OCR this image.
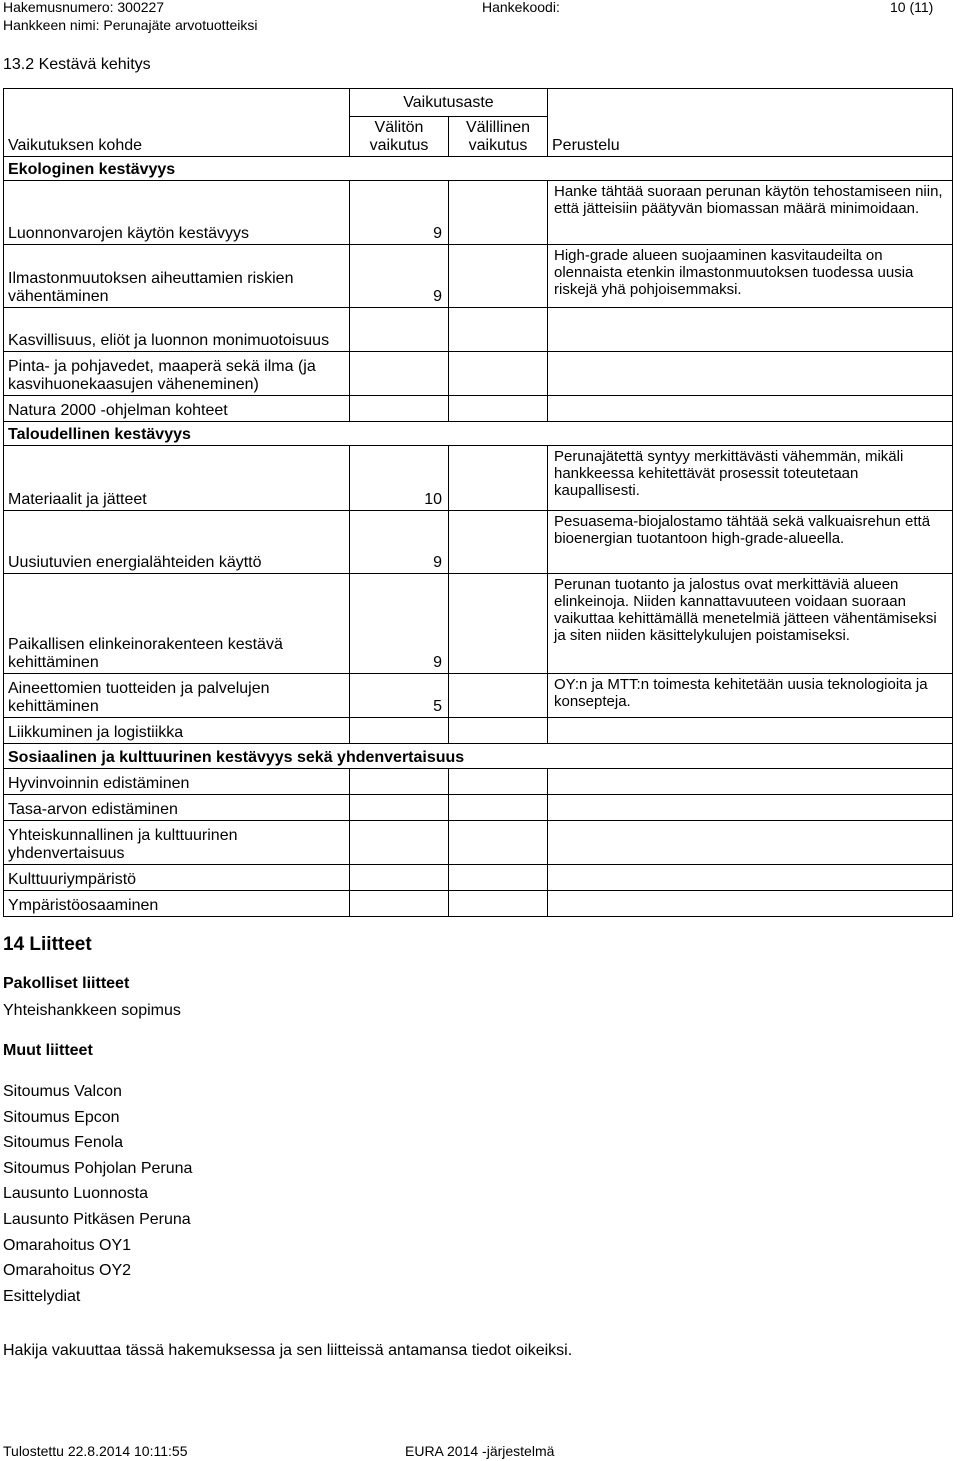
Hakemusnumero: 300227	Hankekoodi:	10 (11)
Hankkeen nimi: Perunajäte arvotuotteiksi
13.2 Kestävä kehitys
Vaikutuksen kohde	Vaikutusaste		Perustelu
	Välitön vaikutus	Välillinen vaikutus	
Ekologinen kestävyys			
Luonnonvarojen käytön kestävyys	9		Hanke tähtää suoraan perunan käytön tehostamiseen niin, että jätteisiin päätyvän biomassan määrä minimoidaan.

Ilmastonmuutoksen aiheuttamien riskien vähentäminen	9		High-grade alueen suojaaminen kasvitaudeilta on olennaista etenkin ilmastonmuutoksen tuodessa uusia riskejä yhä pohjoisemmaksi.

Kasvillisuus, eliöt ja luonnon monimuotoisuus			
Pinta- ja pohjavedet, maaperä sekä ilma (ja kasvihuonekaasujen väheneminen)			
Natura 2000 -ohjelman kohteet			
Taloudellinen kestävyys			
Materiaalit ja jätteet	10		Perunajätettä syntyy merkittävästi vähemmän, mikäli hankkeessa kehitettävät prosessit toteutetaan kaupallisesti.

Uusiutuvien energialähteiden käyttö	9		Pesuasema-biojalostamo tähtää sekä valkuaisrehun että bioenergian tuotantoon high-grade-alueella.

Paikallisen elinkeinorakenteen kestävä kehittäminen	9		Perunan tuotanto ja jalostus ovat merkittäviä alueen elinkeinoja. Niiden kannattavuuteen voidaan suoraan vaikuttaa kehittämällä menetelmiä jätteen vähentämiseksi ja siten niiden käsittelykulujen poistamiseksi.

Aineettomien tuotteiden ja palvelujen kehittäminen	5		OY:n ja MTT:n toimesta kehitetään uusia teknologioita ja konsepteja.

Liikkuminen ja logistiikka			
Sosiaalinen ja kulttuurinen kestävyys sekä yhdenvertaisuus			
Hyvinvoinnin edistäminen			
Tasa-arvon edistäminen			
Yhteiskunnallinen ja kulttuurinen yhdenvertaisuus			
Kulttuuriympäristö			
Ympäristöosaaminen			
14 Liitteet
Pakolliset liitteet
Yhteishankkeen sopimus
Muut liitteet
Sitoumus Valcon
Sitoumus Epcon
Sitoumus Fenola
Sitoumus Pohjolan Peruna
Lausunto Luonnosta
Lausunto Pitkäsen Peruna
Omarahoitus OY1
Omarahoitus OY2
Esittelydiat
Hakija vakuuttaa tässä hakemuksessa ja sen liitteissä antamansa tiedot oikeiksi.
Tulostettu 22.8.2014 10:11:55	EURA 2014 -järjestelmä
